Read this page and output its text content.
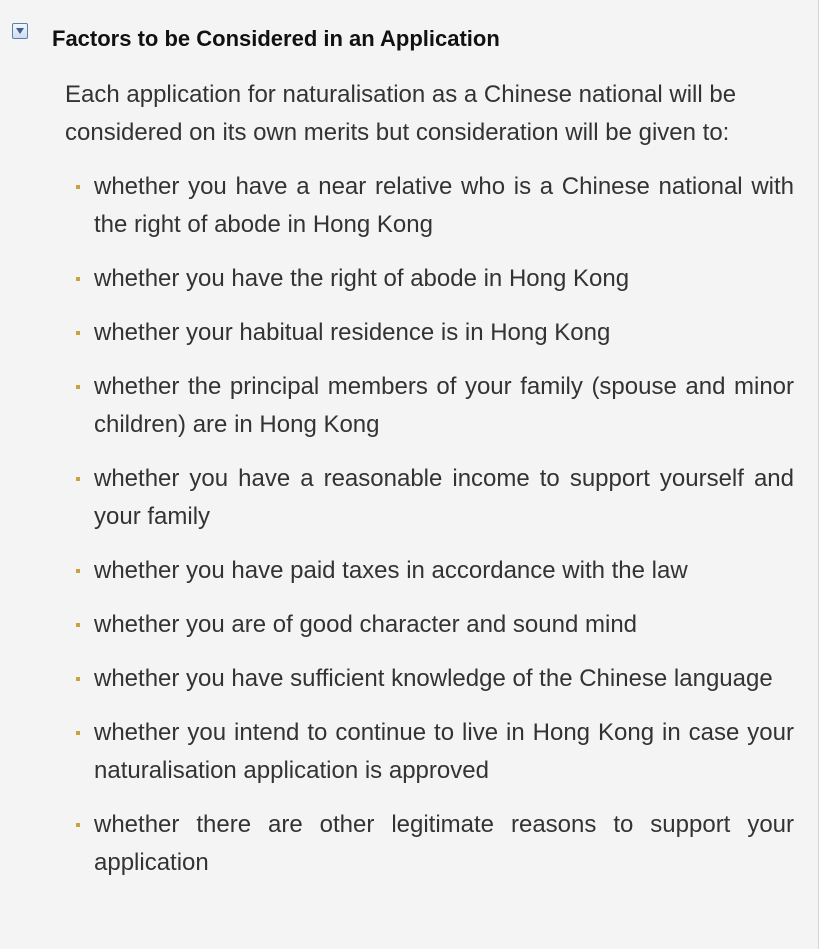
Factors to be Considered in an Application

Each application for naturalisation as a Chinese national will be considered on its own merits but consideration will be given to:

whether you have a near relative who is a Chinese national with the right of abode in Hong Kong
whether you have the right of abode in Hong Kong
whether your habitual residence is in Hong Kong
whether the principal members of your family (spouse and minor children) are in Hong Kong
whether you have a reasonable income to support yourself and your family
whether you have paid taxes in accordance with the law
whether you are of good character and sound mind
whether you have sufficient knowledge of the Chinese language
whether you intend to continue to live in Hong Kong in case your naturalisation application is approved
whether there are other legitimate reasons to support your application
